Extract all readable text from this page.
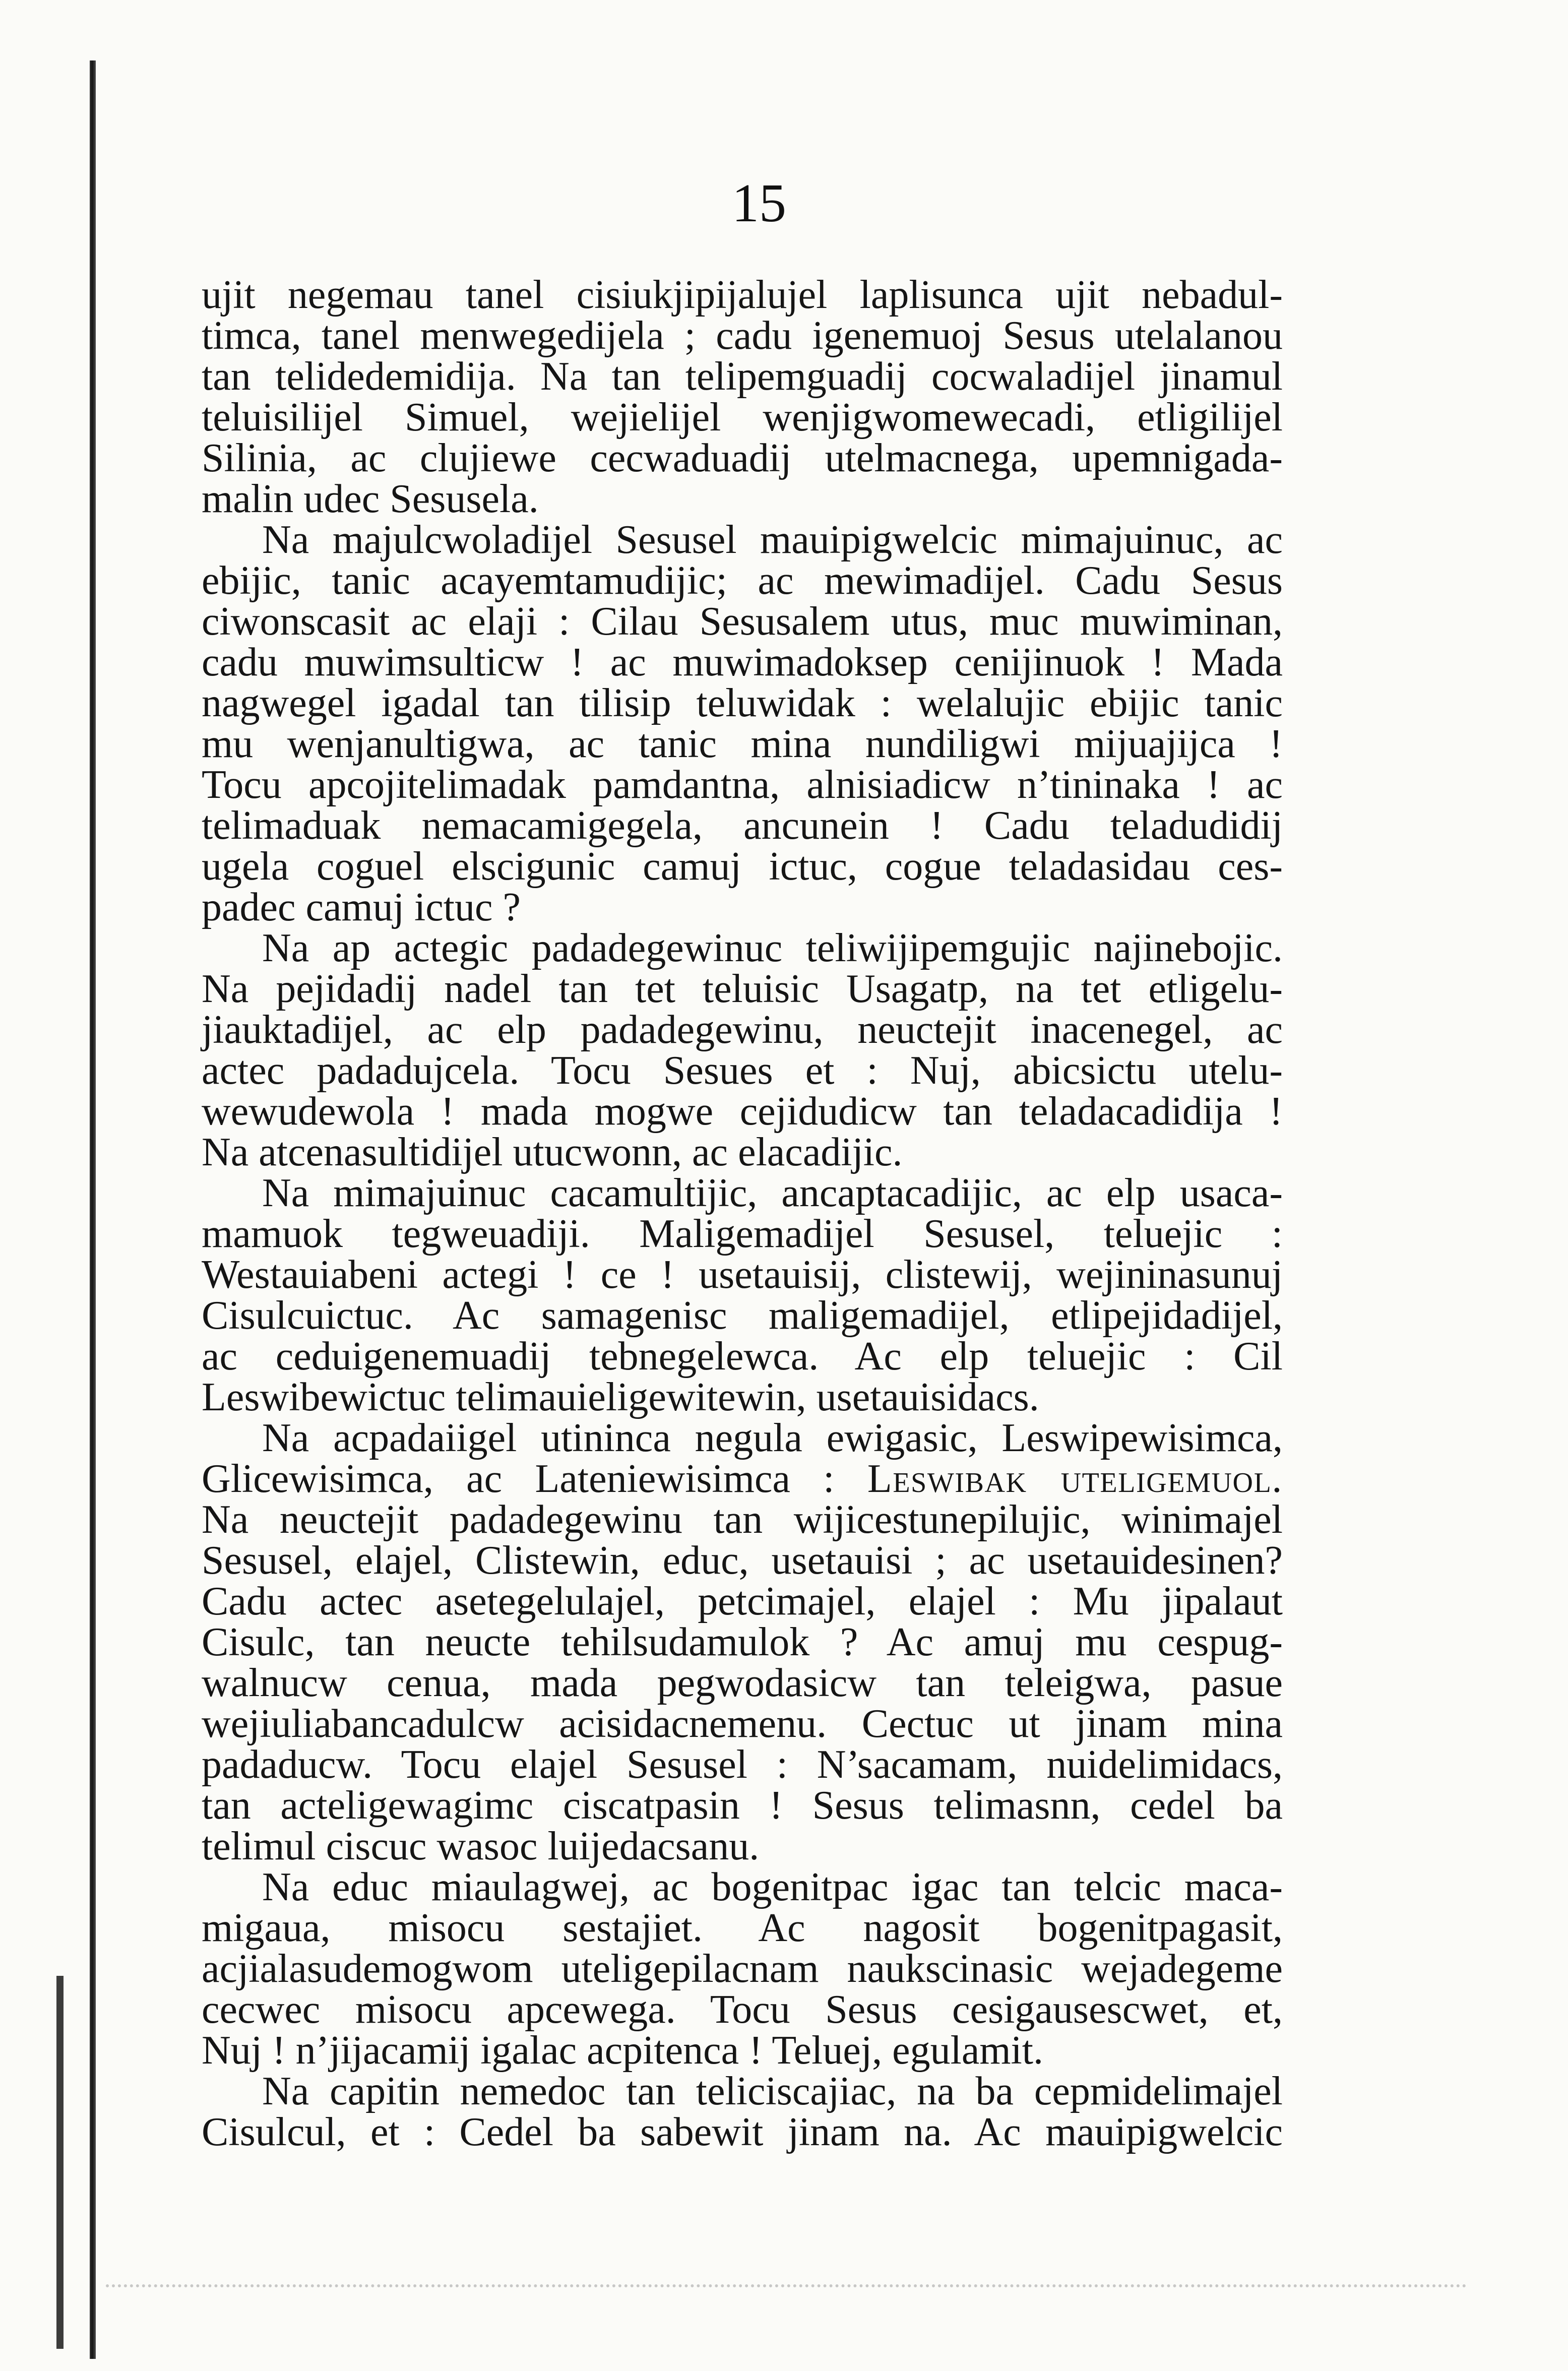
15
ujit negemau tanel cisiukjipijalujel laplisunca ujit nebadul-
timca, tanel menwegedijela ; cadu igenemuoj Sesus utelalanou
tan telidedemidija. Na tan telipemguadij cocwaladijel jinamul
teluisilijel Simuel, wejielijel wenjigwomewecadi, etligilijel
Silinia, ac clujiewe cecwaduadij utelmacnega, upemnigada-
malin udec Sesusela.
Na majulcwoladijel Sesusel mauipigwelcic mimajuinuc, ac
ebijic, tanic acayemtamudijic; ac mewimadijel. Cadu Sesus
ciwonscasit ac elaji : Cilau Sesusalem utus, muc muwiminan,
cadu muwimsulticw ! ac muwimadoksep cenijinuok ! Mada
nagwegel igadal tan tilisip teluwidak : welalujic ebijic tanic
mu wenjanultigwa, ac tanic mina nundiligwi mijuajijca !
Tocu apcojitelimadak pamdantna, alnisiadicw n’tininaka ! ac
telimaduak nemacamigegela, ancunein ! Cadu teladudidij
ugela coguel elscigunic camuj ictuc, cogue teladasidau ces-
padec camuj ictuc ?
Na ap actegic padadegewinuc teliwijipemgujic najinebojic.
Na pejidadij nadel tan tet teluisic Usagatp, na tet etligelu-
jiauktadijel, ac elp padadegewinu, neuctejit inacenegel, ac
actec padadujcela. Tocu Sesues et : Nuj, abicsictu utelu-
wewudewola ! mada mogwe cejidudicw tan teladacadidija !
Na atcenasultidijel utucwonn, ac elacadijic.
Na mimajuinuc cacamultijic, ancaptacadijic, ac elp usaca-
mamuok tegweuadiji. Maligemadijel Sesusel, teluejic :
Westauiabeni actegi ! ce ! usetauisij, clistewij, wejininasunuj
Cisulcuictuc. Ac samagenisc maligemadijel, etlipejidadijel,
ac ceduigenemuadij tebnegelewca. Ac elp teluejic : Cil
Leswibewictuc telimauieligewitewin, usetauisidacs.
Na acpadaiigel utininca negula ewigasic, Leswipewisimca,
Glicewisimca, ac Lateniewisimca : Leswibak uteligemuol.
Na neuctejit padadegewinu tan wijicestunepilujic, winimajel
Sesusel, elajel, Clistewin, educ, usetauisi ; ac usetauidesinen?
Cadu actec asetegelulajel, petcimajel, elajel : Mu jipalaut
Cisulc, tan neucte tehilsudamulok ? Ac amuj mu cespug-
walnucw cenua, mada pegwodasicw tan teleigwa, pasue
wejiuliabancadulcw acisidacnemenu. Cectuc ut jinam mina
padaducw. Tocu elajel Sesusel : N’sacamam, nuidelimidacs,
tan acteligewagimc ciscatpasin ! Sesus telimasnn, cedel ba
telimul ciscuc wasoc luijedacsanu.
Na educ miaulagwej, ac bogenitpac igac tan telcic maca-
migaua, misocu sestajiet. Ac nagosit bogenitpagasit,
acjialasudemogwom uteligepilacnam naukscinasic wejadegeme
cecwec misocu apcewega. Tocu Sesus cesigausescwet, et,
Nuj ! n’jijacamij igalac acpitenca ! Teluej, egulamit.
Na capitin nemedoc tan teliciscajiac, na ba cepmidelimajel
Cisulcul, et : Cedel ba sabewit jinam na. Ac mauipigwelcic
